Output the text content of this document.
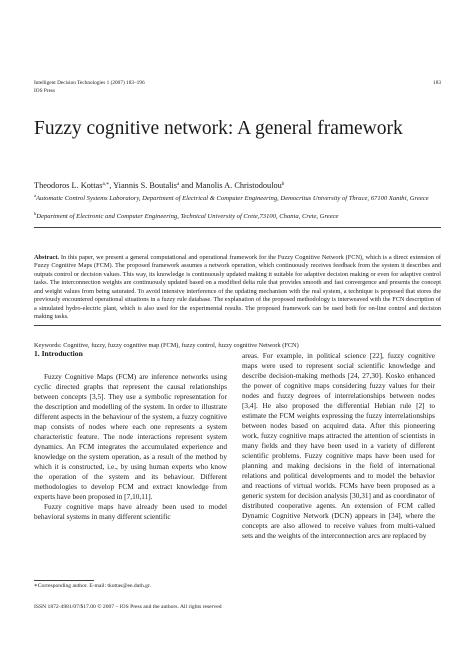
Intelligent Decision Technologies 1 (2007) 183–196
IOS Press
183
Fuzzy cognitive network: A general framework
Theodoros L. Kottas$^{a,∗}$, Yiannis S. Boutalis$^a$ and Manolis A. Christodoulou$^b$
$^a$Automatic Control Systems Laboratory, Department of Electrical & Computer Engineering, Democritus University of Thrace, 67100 Xanthi, Greece
$^b$Department of Electronic and Computer Engineering, Technical University of Crete,73100, Chania, Crete, Greece

Abstract. In this paper, we present a general computational and operational framework for the Fuzzy Cognitive Network (FCN), which is a direct extension of Fuzzy Cognitive Maps (FCM). The proposed framework assumes a network operation, which continuously receives feedback from the system it describes and outputs control or decision values. This way, its knowledge is continuously updated making it suitable for adaptive decision making or even for adaptive control tasks. The interconnection weights are continuously updated based on a modified delta rule that provides smooth and fast convergence and presents the concept and weight values from being saturated. To avoid intensive interference of the updating mechanism with the real system, a technique is proposed that stores the previously encountered operational situations in a fuzzy rule database. The explanation of the proposed methodology is interweaved with the FCN description of a simulated hydro-electric plant, which is also used for the experimental results. The proposed framework can be used both for on-line control and decision making tasks.

Keywords: Cognitive, fuzzy, fuzzy cognitive map (FCM), fuzzy control, fuzzy cognitive Network (FCN)

1. Introduction

Fuzzy Cognitive Maps (FCM) are inference networks using cyclic directed graphs that represent the causal relationships between concepts [3,5]. They use a symbolic representation for the description and modelling of the system. In order to illustrate different aspects in the behaviour of the system, a fuzzy cognitive map consists of nodes where each one represents a system characteristic feature. The node interactions represent system dynamics. An FCM integrates the accumulated experience and knowledge on the system operation, as a result of the method by which it is constructed, i.e., by using human experts who know the operation of the system and its behaviour. Different methodologies to develop FCM and extract knowledge from experts have been proposed in [7,10,11].

Fuzzy cognitive maps have already been used to model behavioral systems in many different scientific

areas. For example, in political science [22], fuzzy cognitive maps were used to represent social scientific knowledge and describe decision-making methods [24, 27,30]. Kosko enhanced the power of cognitive maps considering fuzzy values for their nodes and fuzzy degrees of interrelationships between nodes [3,4]. He also proposed the differential Hebian rule [2] to estimate the FCM weights expressing the fuzzy interrelationships between nodes based on acquired data. After this pioneering work, fuzzy cognitive maps attracted the attention of scientists in many fields and they have been used in a variety of different scientific problems. Fuzzy cognitive maps have been used for planning and making decisions in the field of international relations and political developments and to model the behavior and reactions of virtual worlds. FCMs have been proposed as a generic system for decision analysis [30,31] and as coordinator of distributed cooperative agents. An extension of FCM called Dynamic Cognitive Network (DCN) appears in [34], where the concepts are also allowed to receive values from multi-valued sets and the weights of the interconnection arcs are replaced by

∗Corresponding author. E-mail: tkottas@ee.duth.gr.
ISSN 1872-4981/07/$17.00 © 2007 – IOS Press and the authors. All rights reserved
